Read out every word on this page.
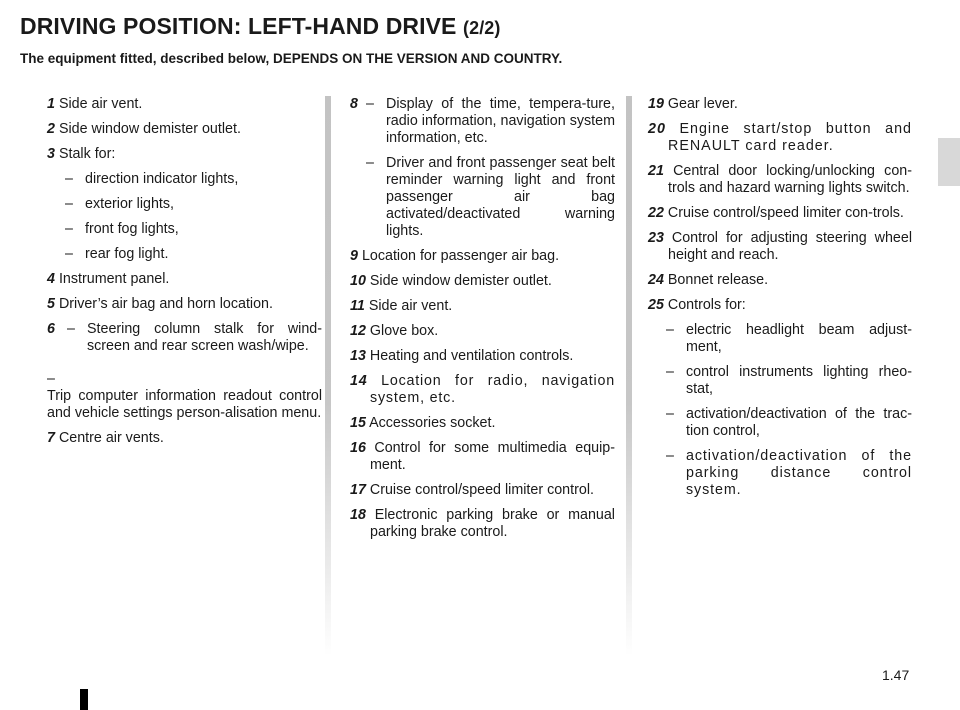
DRIVING POSITION: LEFT-HAND DRIVE (2/2)

The equipment fitted, described below, DEPENDS ON THE VERSION AND COUNTRY.

1 Side air vent.

2 Side window demister outlet.

3 Stalk for:

– direction indicator lights,

– exterior lights,

– front fog lights,

– rear fog light.

4 Instrument panel.

5 Driver’s air bag and horn location.

6 – Steering column stalk for wind-screen and rear screen wash/wipe.

–

Trip computer information readout control and vehicle settings person-alisation menu.

7 Centre air vents.

8 – Display of the time, tempera-ture, radio information, navigation system information, etc.

– Driver and front passenger seat belt reminder warning light and front passenger air bag activated/deactivated warning lights.

9 Location for passenger air bag.

10 Side window demister outlet.

11 Side air vent.

12 Glove box.

13 Heating and ventilation controls.

14 Location for radio, navigation system, etc.

15 Accessories socket.

16 Control for some multimedia equip-ment.

17 Cruise control/speed limiter control.

18 Electronic parking brake or manual parking brake control.

19 Gear lever.

20 Engine start/stop button and RENAULT card reader.

21 Central door locking/unlocking con-trols and hazard warning lights switch.

22 Cruise control/speed limiter con-trols.

23 Control for adjusting steering wheel height and reach.

24 Bonnet release.

25 Controls for:

– electric headlight beam adjust-ment,

– control instruments lighting rheo-stat,

– activation/deactivation of the trac-tion control,

– activation/deactivation of the parking distance control system.

1.47
